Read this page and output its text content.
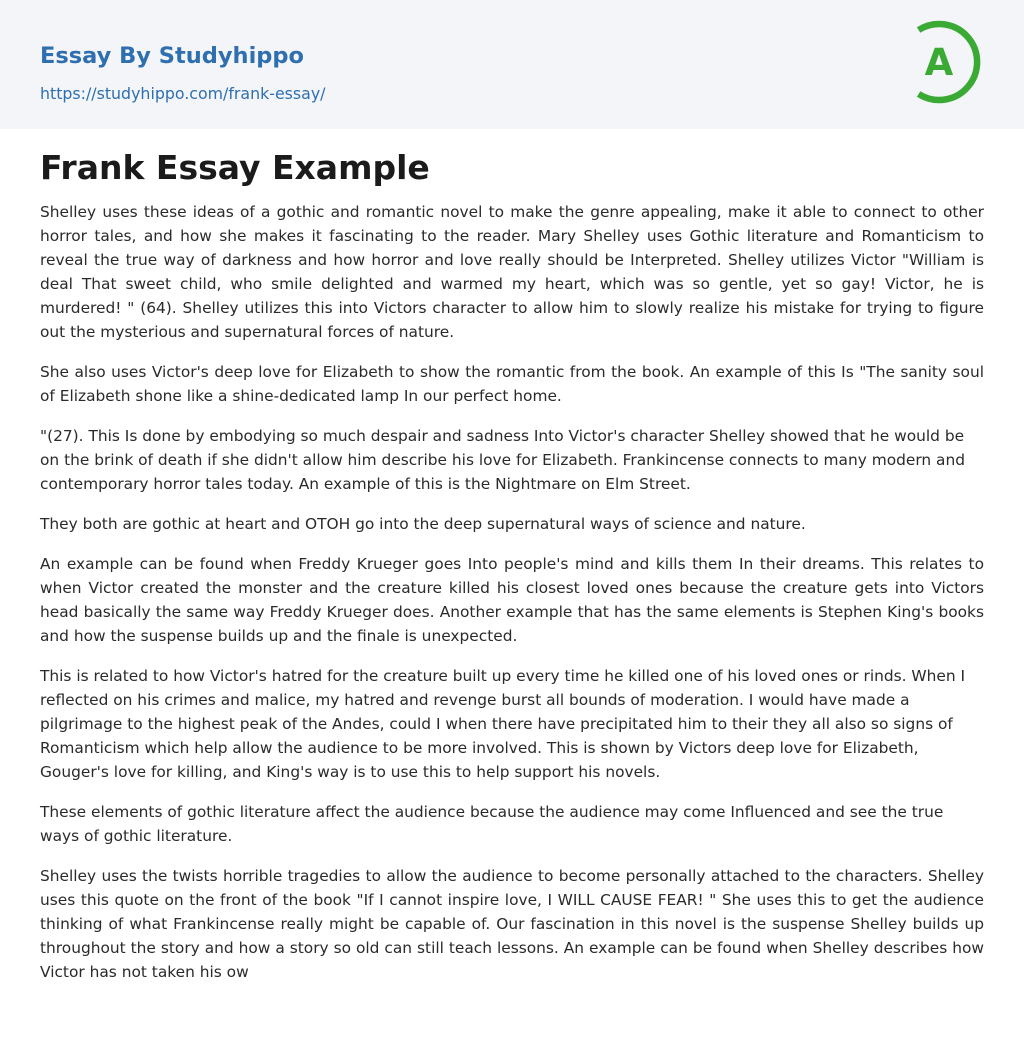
Essay By Studyhippo
https://studyhippo.com/frank-essay/
A
Frank Essay Example

Shelley uses these ideas of a gothic and romantic novel to make the genre appealing, make it able to connect to other horror tales, and how she makes it fascinating to the reader. Mary Shelley uses Gothic literature and Romanticism to reveal the true way of darkness and how horror and love really should be Interpreted. Shelley utilizes Victor "William is deal That sweet child, who smile delighted and warmed my heart, which was so gentle, yet so gay! Victor, he is murdered! " (64). Shelley utilizes this into Victors character to allow him to slowly realize his mistake for trying to figure out the mysterious and supernatural forces of nature.

She also uses Victor's deep love for Elizabeth to show the romantic from the book. An example of this Is "The sanity soul of Elizabeth shone like a shine-dedicated lamp In our perfect home.

"(27). This Is done by embodying so much despair and sadness Into Victor's character Shelley showed that he would be on the brink of death if she didn't allow him describe his love for Elizabeth. Frankincense connects to many modern and contemporary horror tales today. An example of this is the Nightmare on Elm Street.

They both are gothic at heart and OTOH go into the deep supernatural ways of science and nature.

An example can be found when Freddy Krueger goes Into people's mind and kills them In their dreams. This relates to when Victor created the monster and the creature killed his closest loved ones because the creature gets into Victors head basically the same way Freddy Krueger does. Another example that has the same elements is Stephen King's books and how the suspense builds up and the finale is unexpected.

This is related to how Victor's hatred for the creature built up every time he killed one of his loved ones or rinds. When I reflected on his crimes and malice, my hatred and revenge burst all bounds of moderation. I would have made a pilgrimage to the highest peak of the Andes, could I when there have precipitated him to their they all also so signs of Romanticism which help allow the audience to be more involved. This is shown by Victors deep love for Elizabeth, Gouger's love for killing, and King's way is to use this to help support his novels.

These elements of gothic literature affect the audience because the audience may come Influenced and see the true ways of gothic literature.

Shelley uses the twists horrible tragedies to allow the audience to become personally attached to the characters. Shelley uses this quote on the front of the book "If I cannot inspire love, I WILL CAUSE FEAR! " She uses this to get the audience thinking of what Frankincense really might be capable of. Our fascination in this novel is the suspense Shelley builds up throughout the story and how a story so old can still teach lessons. An example can be found when Shelley describes how Victor has not taken his ow
